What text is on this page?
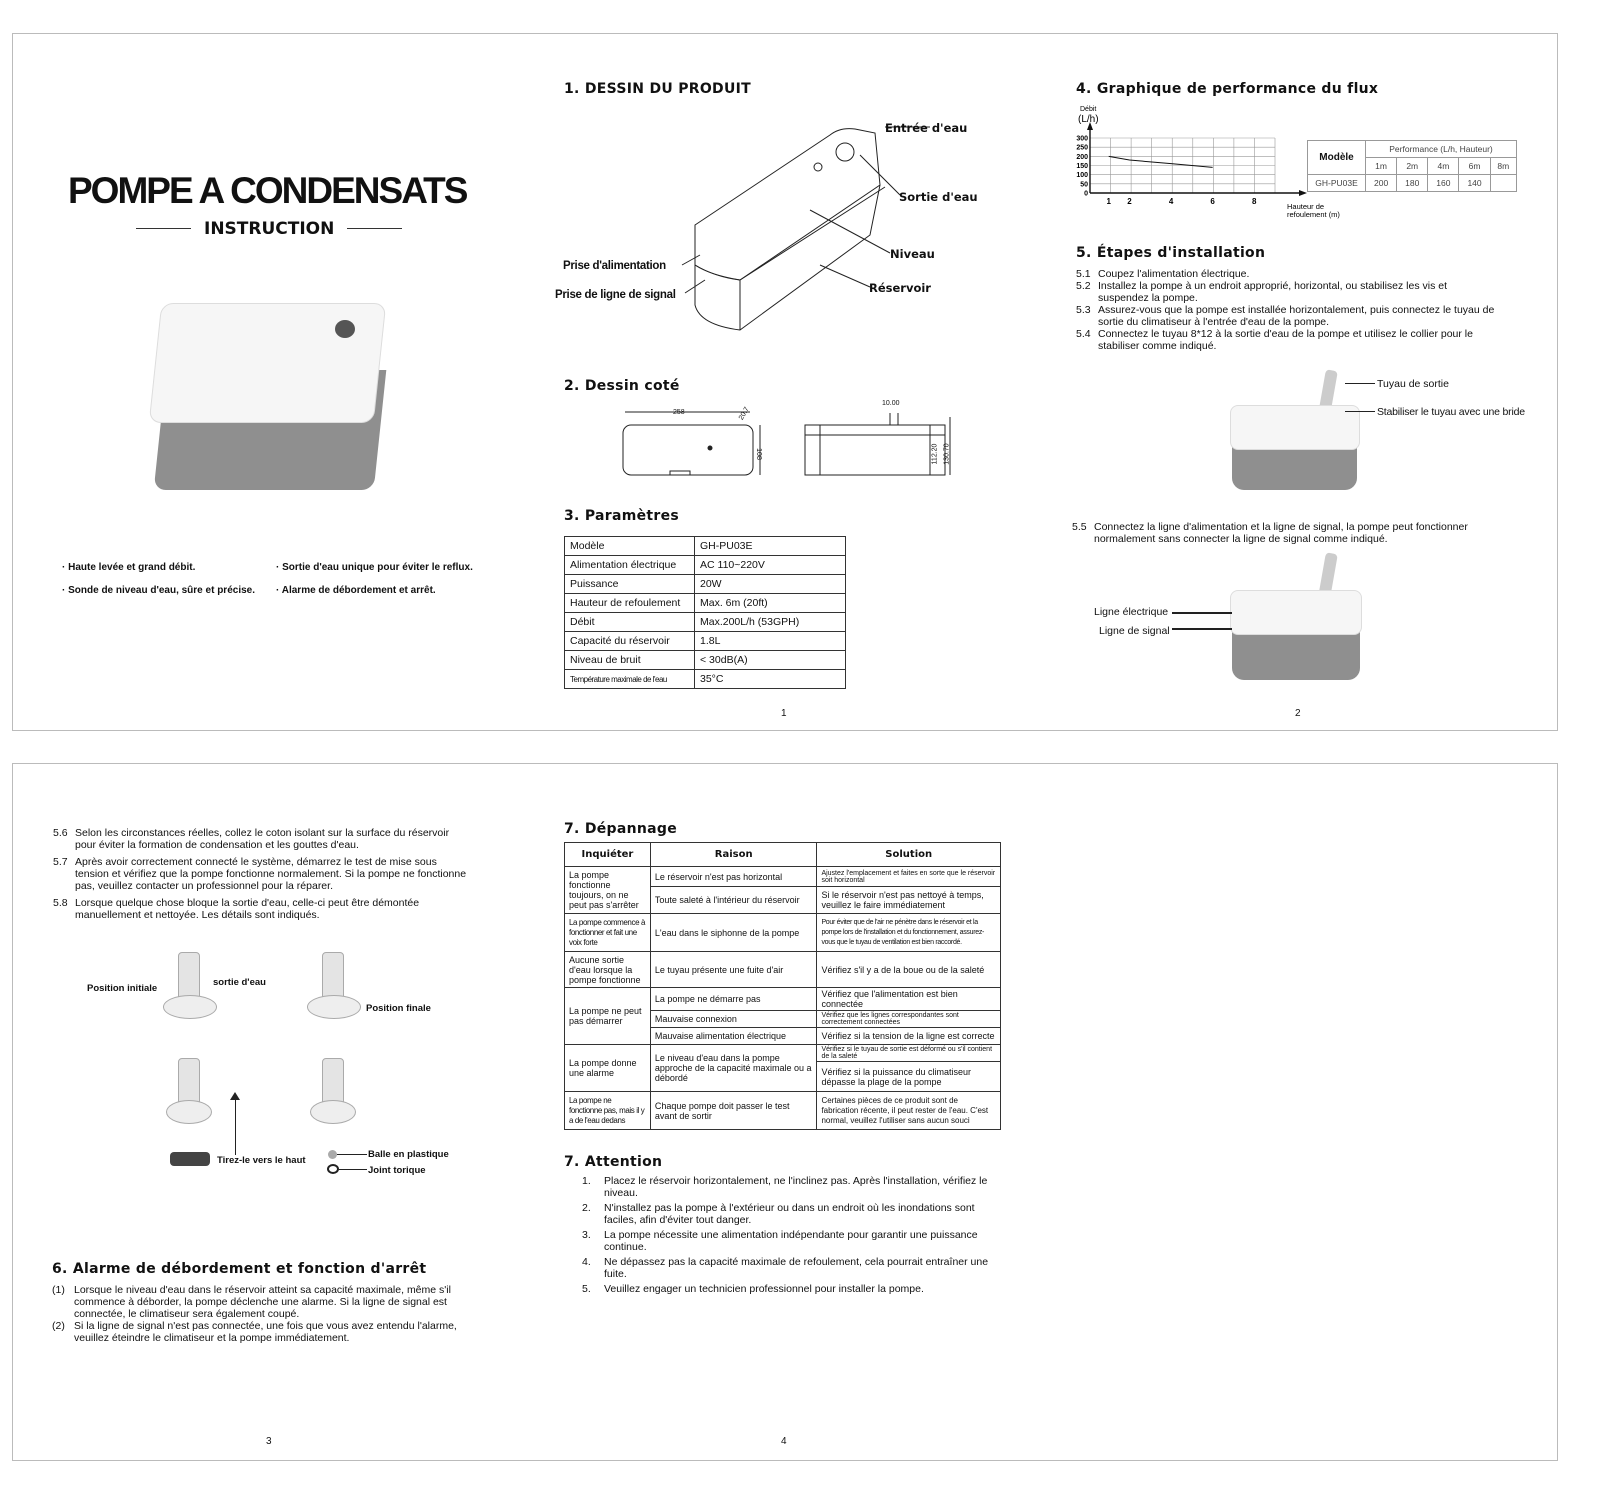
POMPE A CONDENSATS
INSTRUCTION
· Haute levée et grand débit.	· Sortie d'eau unique pour éviter le reflux.
· Sonde de niveau d'eau, sûre et précise. · Alarme de débordement et arrêt.
1. DESSIN DU PRODUIT
Entrée d'eau
Sortie d'eau
Niveau
Réservoir
Prise d'alimentation
Prise de ligne de signal
2. Dessin coté
258	20.7
108
10.00
112.20 130.70
3. Paramètres
Modèle	GH-PU03E
Alimentation électrique	AC 110~220V
Puissance	20W
Hauteur de refoulement	Max. 6m (20ft)
Débit	Max.200L/h (53GPH)
Capacité du réservoir	1.8L
Niveau de bruit	< 30dB(A)
Température maximale de l'eau	35°C
1	2
4. Graphique de performance du flux
0
50
100
150
200
250
300
1 2	4	6	8
Débit
(L/h)
Hauteur de
refoulement (m)
Modèle	Performance (L/h, Hauteur)				
	1m	2m	4m	6m	8m
GH-PU03E	200	180	160	140	
5. Étapes d'installation
5.1 Coupez l'alimentation électrique.
5.2 Installez la pompe à un endroit approprié, horizontal, ou stabilisez les vis et suspendez la pompe.
5.3 Assurez-vous que la pompe est installée horizontalement, puis connectez le tuyau de sortie du climatiseur à l'entrée d'eau de la pompe.
5.4 Connectez le tuyau 8*12 à la sortie d'eau de la pompe et utilisez le collier pour le stabiliser comme indiqué.
Tuyau de sortie
Stabiliser le tuyau avec une bride
5.5 Connectez la ligne d'alimentation et la ligne de signal, la pompe peut fonctionner normalement sans connecter la ligne de signal comme indiqué.
Ligne électrique
Ligne de signal
5.6 Selon les circonstances réelles, collez le coton isolant sur la surface du réservoir pour éviter la formation de condensation et les gouttes d'eau.
5.7 Après avoir correctement connecté le système, démarrez le test de mise sous tension et vérifiez que la pompe fonctionne normalement. Si la pompe ne fonctionne pas, veuillez contacter un professionnel pour la réparer.
5.8 Lorsque quelque chose bloque la sortie d'eau, celle-ci peut être démontée manuellement et nettoyée. Les détails sont indiqués.
Position initiale
sortie d'eau
Position finale
Tirez-le vers le haut
Balle en plastique
Joint torique
6. Alarme de débordement et fonction d'arrêt
(1) Lorsque le niveau d'eau dans le réservoir atteint sa capacité maximale, même s'il commence à déborder, la pompe déclenche une alarme. Si la ligne de signal est connectée, le climatiseur sera également coupé.
(2) Si la ligne de signal n'est pas connectée, une fois que vous avez entendu l'alarme, veuillez éteindre le climatiseur et la pompe immédiatement.
3	4
7. Dépannage
Inquiéter	Raison	Solution
La pompe fonctionne toujours, on ne peut pas s'arrêter	Le réservoir n'est pas horizontal	Ajustez l'emplacement et faites en sorte que le réservoir soit horizontal
	Toute saleté à l'intérieur du réservoir	Si le réservoir n'est pas nettoyé à temps, veuillez le faire immédiatement
La pompe commence à fonctionner et fait une voix forte	L'eau dans le siphonne de la pompe	Pour éviter que de l'air ne pénètre dans le réservoir et la pompe lors de l'installation et du fonctionnement, assurez-vous que le tuyau de ventilation est bien raccordé.
Aucune sortie d'eau lorsque la pompe fonctionne	Le tuyau présente une fuite d'air	Vérifiez s'il y a de la boue ou de la saleté
La pompe ne peut pas démarrer	La pompe ne démarre pas	Vérifiez que l'alimentation est bien connectée
	Mauvaise connexion	Vérifiez que les lignes correspondantes sont correctement connectées
	Mauvaise alimentation électrique	Vérifiez si la tension de la ligne est correcte
La pompe donne une alarme	Le niveau d'eau dans la pompe approche de la capacité maximale ou a débordé	Vérifiez si le tuyau de sortie est déformé ou s'il contient de la saleté
		Vérifiez si la puissance du climatiseur dépasse la plage de la pompe
La pompe ne fonctionne pas, mais il y a de l'eau dedans	Chaque pompe doit passer le test avant de sortir	Certaines pièces de ce produit sont de fabrication récente, il peut rester de l'eau. C'est normal, veuillez l'utiliser sans aucun souci
7. Attention
1.	Placez le réservoir horizontalement, ne l'inclinez pas. Après l'installation, vérifiez le niveau.
2.	N'installez pas la pompe à l'extérieur ou dans un endroit où les inondations sont faciles, afin d'éviter tout danger.
3.	La pompe nécessite une alimentation indépendante pour garantir une puissance continue.
4.	Ne dépassez pas la capacité maximale de refoulement, cela pourrait entraîner une fuite.
5.	Veuillez engager un technicien professionnel pour installer la pompe.
